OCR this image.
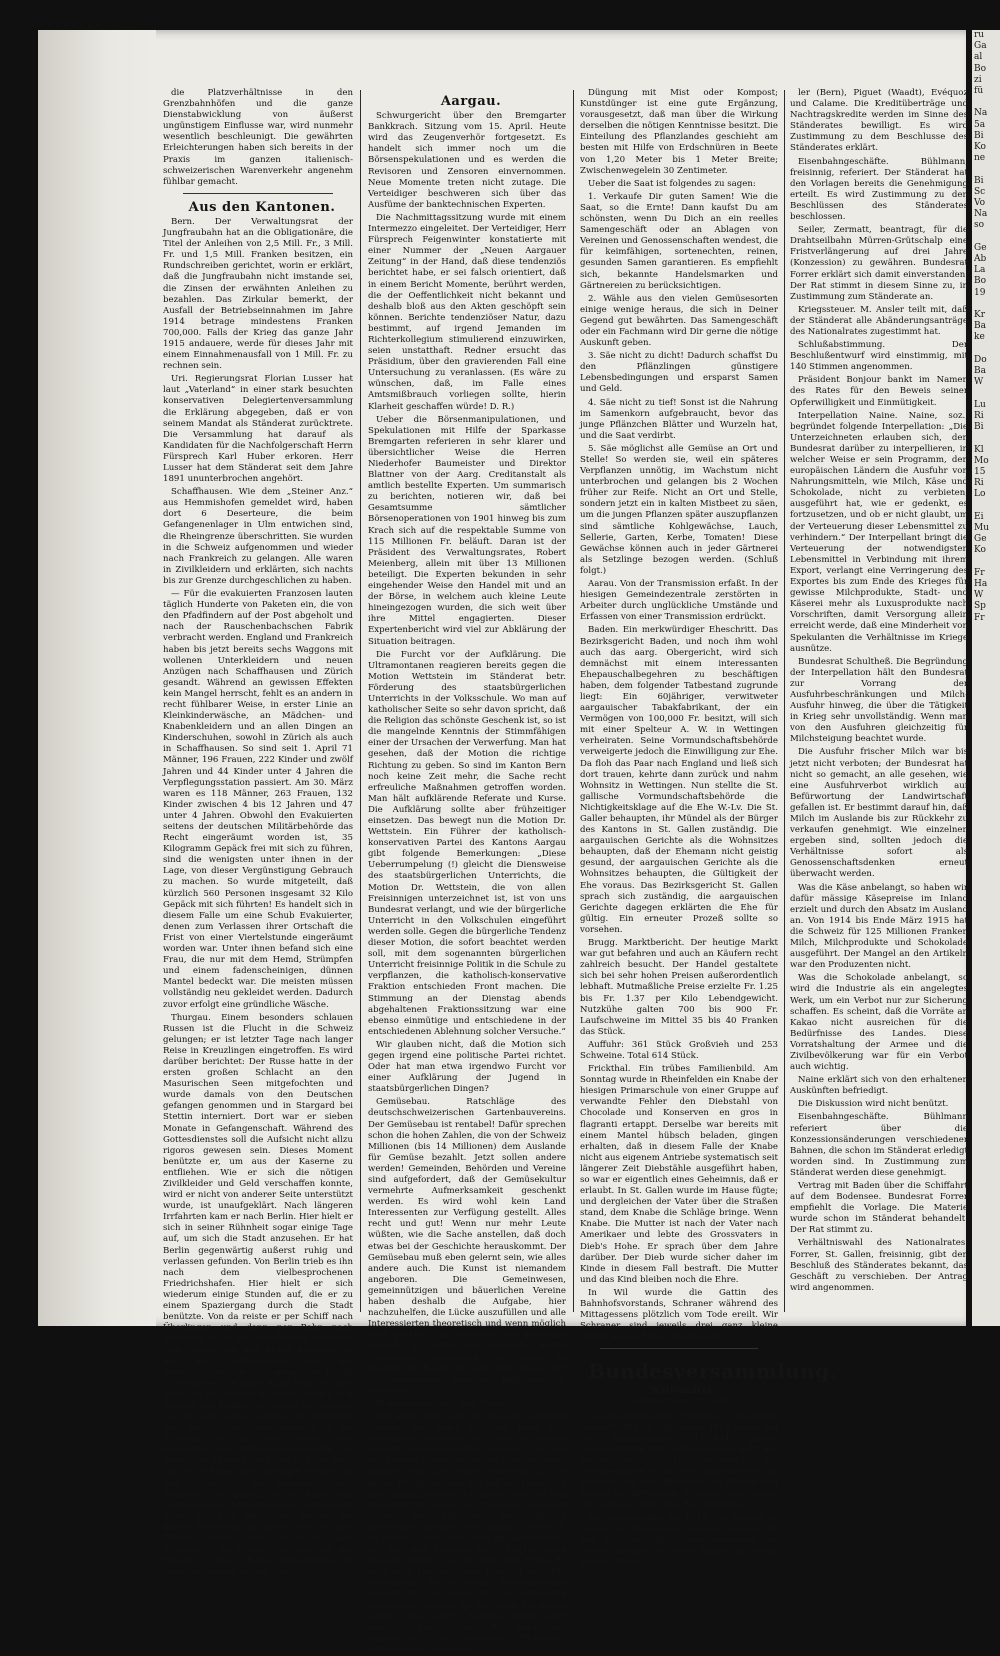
die Platzverhältnisse in den Grenzbahnhöfen und die ganze Dienstabwicklung von äußerst ungünstigem Einflusse war, wird nunmehr wesentlich beschleunigt. Die gewährten Erleichterungen haben sich bereits in der Praxis im ganzen italienisch-schweizerischen Warenverkehr angenehm fühlbar gemacht.

Aus den Kantonen.

Bern. Der Verwaltungsrat der Jungfraubahn hat an die Obligationäre, die Titel der Anleihen von 2,5 Mill. Fr., 3 Mill. Fr. und 1,5 Mill. Franken besitzen, ein Rundschreiben gerichtet, worin er erklärt, daß die Jungfraubahn nicht imstande sei, die Zinsen der erwähnten Anleihen zu bezahlen. Das Zirkular bemerkt, der Ausfall der Betriebseinnahmen im Jahre 1914 betrage mindestens Franken 700,000. Falls der Krieg das ganze Jahr 1915 andauere, werde für dieses Jahr mit einem Einnahmenausfall von 1 Mill. Fr. zu rechnen sein.

Uri. Regierungsrat Florian Lusser hat laut „Vaterland“ in einer stark besuchten konservativen Delegiertenversammlung die Erklärung abgegeben, daß er von seinem Mandat als Ständerat zurücktrete. Die Versammlung hat darauf als Kandidaten für die Nachfolgerschaft Herrn Fürsprech Karl Huber erkoren. Herr Lusser hat dem Ständerat seit dem Jahre 1891 ununterbrochen angehört.

Schaffhausen. Wie dem „Steiner Anz.“ aus Hemmishofen gemeldet wird, haben dort 6 Deserteure, die beim Gefangenenlager in Ulm entwichen sind, die Rheingrenze überschritten. Sie wurden in die Schweiz aufgenommen und wieder nach Frankreich zu gelangen. Alle waren in Zivilkleidern und erklärten, sich nachts bis zur Grenze durchgeschlichen zu haben.

— Für die evakuierten Franzosen lauten täglich Hunderte von Paketen ein, die von den Pfadfindern auf der Post abgeholt und nach der Rauschenbachschen Fabrik verbracht werden. England und Frankreich haben bis jetzt bereits sechs Waggons mit wollenen Unterkleidern und neuen Anzügen nach Schaffhausen und Zürich gesandt. Während an gewissen Effekten kein Mangel herrscht, fehlt es an andern in recht fühlbarer Weise, in erster Linie an Kleinkinderwäsche, an Mädchen- und Knabenkleidern und an allen Dingen an Kinderschuhen, sowohl in Zürich als auch in Schaffhausen. So sind seit 1. April 71 Männer, 196 Frauen, 222 Kinder und zwölf Jahren und 44 Kinder unter 4 Jahren die Verpflegungsstation passiert. Am 30. März waren es 118 Männer, 263 Frauen, 132 Kinder zwischen 4 bis 12 Jahren und 47 unter 4 Jahren. Obwohl den Evakuierten seitens der deutschen Militärbehörde das Recht eingeräumt worden ist, 35 Kilogramm Gepäck frei mit sich zu führen, sind die wenigsten unter ihnen in der Lage, von dieser Vergünstigung Gebrauch zu machen. So wurde mitgeteilt, daß kürzlich 560 Personen insgesamt 32 Kilo Gepäck mit sich führten! Es handelt sich in diesem Falle um eine Schub Evakuierter, denen zum Verlassen ihrer Ortschaft die Frist von einer Viertelstunde eingeräumt worden war. Unter ihnen befand sich eine Frau, die nur mit dem Hemd, Strümpfen und einem fadenscheinigen, dünnen Mantel bedeckt war. Die meisten müssen vollständig neu gekleidet werden. Dadurch zuvor erfolgt eine gründliche Wäsche.

Thurgau. Einem besonders schlauen Russen ist die Flucht in die Schweiz gelungen; er ist letzter Tage nach langer Reise in Kreuzlingen eingetroffen. Es wird darüber berichtet: Der Russe hatte in der ersten großen Schlacht an den Masurischen Seen mitgefochten und wurde damals von den Deutschen gefangen genommen und in Stargard bei Stettin interniert. Dort war er sieben Monate in Gefangenschaft. Während des Gottesdienstes soll die Aufsicht nicht allzu rigoros gewesen sein. Dieses Moment benützte er, um aus der Kaserne zu entfliehen. Wie er sich die nötigen Zivilkleider und Geld verschaffen konnte, wird er nicht von anderer Seite unterstützt wurde, ist unaufgeklärt. Nach längeren Irrfahrten kam er nach Berlin. Hier hielt er sich in seiner Rühnheit sogar einige Tage auf, um sich die Stadt anzusehen. Er hat Berlin gegenwärtig außerst ruhig und verlassen gefunden. Von Berlin trieb es ihn nach dem vielbesprochenen Friedrichshafen. Hier hielt er sich wiederum einige Stunden auf, die er zu einem Spaziergang durch die Stadt benützte. Von da reiste er per Schiff nach Überlingen und dann per Bahn nach Konstanz, wo er am Ostermontag anlangte. Den Nachmittag und Abend benützte er, um die Örtlichkeiten und die Bewachungsschiffe am sogenannten Döbeli zu studieren. In aller Ruhe legte er sich dann bei der Grenze in einen Strauch und wartete das Dunkel ab. Gegen Mitternacht zog er dann seine Schuhe und Strümpfe aus, um sich bei dem Saubach in die Schweiz, wo er sich sofort beim Kommando der Militärbehörde stellte. Als gegen den Morgen die Rebel sich erhoben, zog er Schuhe und Strümpfe wieder an und stellte sich den Behörden. Nach Frankreich zu gehen, wo er Briefe von französischen Mitgefangenen abzugeben habe. Wie bald Ruhe. Am Wasser, um diesen Flüchtling zu gehen, wie er aufs Pflaster erholte, um sich rasch nach Frankreich zu reisen. Im Gasthof des Pflasters. Nach Ruhe, Kreuzlingen in einem seltsamen Accent spricht.

Aargau.

Schwurgericht über den Bremgarter Bankkrach. Sitzung vom 15. April. Heute wird das Zeugenverhör fortgesetzt. Es handelt sich immer noch um die Börsenspekulationen und es werden die Revisoren und Zensoren einvernommen. Neue Momente treten nicht zutage. Die Verteidiger beschweren sich über das Ausfüme der banktechnischen Experten.

Die Nachmittagssitzung wurde mit einem Intermezzo eingeleitet. Der Verteidiger, Herr Fürsprech Feigenwinter konstatierte mit einer Nummer der „Neuen Aargauer Zeitung“ in der Hand, daß diese tendenziös berichtet habe, er sei falsch orientiert, daß in einem Bericht Momente, berührt werden, die der Oeffentlichkeit nicht bekannt und deshalb bloß aus den Akten geschöpft sein können. Berichte tendenziöser Natur, dazu bestimmt, auf irgend Jemanden im Richterkollegium stimulierend einzuwirken, seien unstatthaft. Redner ersucht das Präsidium, über den gravierenden Fall eine Untersuchung zu veranlassen. (Es wäre zu wünschen, daß, im Falle eines Amtsmißbrauch vorliegen sollte, hierin Klarheit geschaffen würde! D. R.)

Ueber die Börsenmanipulationen, und Spekulationen mit Hilfe der Sparkasse Bremgarten referieren in sehr klarer und übersichtlicher Weise die Herren Niederhofer Baumeister und Direktor Blattner von der Aarg. Creditanstalt als amtlich bestellte Experten. Um summarisch zu berichten, notieren wir, daß bei Gesamtsumme sämtlicher Börsenoperationen von 1901 hinweg bis zum Krach sich auf die respektable Summe von 115 Millionen Fr. beläuft. Daran ist der Präsident des Verwaltungsrates, Robert Meienberg, allein mit über 13 Millionen beteiligt. Die Experten bekunden in sehr eingehender Weise den Handel mit und an der Börse, in welchem auch kleine Leute hineingezogen wurden, die sich weit über ihre Mittel engagierten. Dieser Expertenbericht wird viel zur Abklärung der Situation beitragen.

Die Furcht vor der Aufklärung. Die Ultramontanen reagieren bereits gegen die Motion Wettstein im Ständerat betr. Förderung des staatsbürgerlichen Unterrichts in der Volksschule. Wo man auf katholischer Seite so sehr davon spricht, daß die Religion das schönste Geschenk ist, so ist die mangelnde Kenntnis der Stimmfähigen einer der Ursachen der Verwerfung. Man hat gesehen, daß der Motion die richtige Richtung zu geben. So sind im Kanton Bern noch keine Zeit mehr, die Sache recht erfreuliche Maßnahmen getroffen worden. Man hält aufklärende Referate und Kurse. Die Aufklärung sollte aber frühzeitiger einsetzen. Das bewegt nun die Motion Dr. Wettstein. Ein Führer der katholisch-konservativen Partei des Kantons Aargau gibt folgende Bemerkungen: „Diese Ueberrumpelung (!) gleicht die Diensweise des staatsbürgerlichen Unterrichts, die Motion Dr. Wettstein, die von allen Freisinnigen unterzeichnet ist, ist von uns Bundesrat verlangt, und wie der bürgerliche Unterricht in den Volkschulen eingeführt werden solle. Gegen die bürgerliche Tendenz dieser Motion, die sofort beachtet werden soll, mit dem sogenannten bürgerlichen Unterricht freisinnige Politik in die Schule zu verpflanzen, die katholisch-konservative Fraktion entschieden Front machen. Die Stimmung an der Dienstag abends abgehaltenen Fraktionssitzung war eine ebenso einmütige und entschiedene in der entschiedenen Ablehnung solcher Versuche.“

Wir glauben nicht, daß die Motion sich gegen irgend eine politische Partei richtet. Oder hat man etwa irgendwo Furcht vor einer Aufklärung der Jugend in staatsbürgerlichen Dingen?

Gemüsebau. Ratschläge des deutschschweizerischen Gartenbauvereins. Der Gemüsebau ist rentabel! Dafür sprechen schon die hohen Zahlen, die von der Schweiz Millionen (bis 14 Millionen) dem Auslande für Gemüse bezahlt. Jetzt sollen andere werden! Gemeinden, Behörden und Vereine sind aufgefordert, daß der Gemüsekultur vermehrte Aufmerksamkeit geschenkt werden. Es wird wohl kein Land Interessenten zur Verfügung gestellt. Alles recht und gut! Wenn nur mehr Leute wüßten, wie die Sache anstellen, daß doch etwas bei der Geschichte herauskommt. Der Gemüsebau muß eben gelernt sein, wie alles andere auch. Die Kunst ist niemandem angeboren. Die Gemeinwesen, gemeinnützigen und bäuerlichen Vereine haben deshalb die Aufgabe, hier nachzuhelfen, die Lücke auszufüllen und alle Interessierten theoretisch und wenn möglich auch praktisch zu belehren. Wir gedenken deshalb in Laufe des Sommers einige Fachartikel erscheinen zu lassen, in zwangloser Folge, je nach dem Stand der vorzunehmenden Arbeiten. Beginnen wir heute mit

Bodenbearbeitung und Ansaat.

Der allem muß jetzt die Ansicht bekämpft werden, daß jedes Stücklein Land zum Gemüsebau geeignet sei. Wer auf einem magern, ausgemergelten Landteil, der bis vor kurzem Rasen war, einen Gemüsegarten anlegen will, darf nicht erwarten, daß er große Erträge erziele. Ein solches Landstück muß zunächst gründlich Fiasko und bei ihm vielleicht für immer den Verleider gebracht haben. Das Pflanzland muß tüchtig umgespatet werden, wenn möglich tiefer als im Herbst. Dabei darf nicht gespart werden, mit Mist und Kompost nicht. Solches Land braucht Humus und in Hülle und Fülle. Es muß nach Laubmist oder Kompost sein. Die Gartenerde, die im Herbst hervorgehoben worden ist, ist schon vor der Gründung vorbereitet worden. Da läßt man bei einem Garten eine Schicht Kompost liegen oder braucht Kunstdünger. Es wird ein Verbrechen an unseren Erdboden. Grundlage ist und bleibt

Düngung mit Mist oder Kompost; Kunstdünger ist eine gute Ergänzung, vorausgesetzt, daß man über die Wirkung derselben die nötigen Kenntnisse besitzt. Die Einteilung des Pflanzlandes geschieht am besten mit Hilfe von Erdschnüren in Beete von 1,20 Meter bis 1 Meter Breite; Zwischenwegelein 30 Zentimeter.

Ueber die Saat ist folgendes zu sagen:

1. Verkaufe Dir guten Samen! Wie die Saat, so die Ernte! Dann kaufst Du am schönsten, wenn Du Dich an ein reelles Samengeschäft oder an Ablagen von Vereinen und Genossenschaften wendest, die für keimfähigen, sortenechten, reinen, gesunden Samen garantieren. Es empfiehlt sich, bekannte Handelsmarken und Gärtnereien zu berücksichtigen.

2. Wähle aus den vielen Gemüsesorten einige wenige heraus, die sich in Deiner Gegend gut bewährten. Das Samengeschäft oder ein Fachmann wird Dir gerne die nötige Auskunft geben.

3. Säe nicht zu dicht! Dadurch schaffst Du den Pflänzlingen günstigere Lebensbedingungen und ersparst Samen und Geld.

4. Säe nicht zu tief! Sonst ist die Nahrung im Samenkorn aufgebraucht, bevor das junge Pflänzchen Blätter und Wurzeln hat, und die Saat verdirbt.

5. Säe möglichst alle Gemüse an Ort und Stelle! So werden sie, weil ein späteres Verpflanzen unnötig, im Wachstum nicht unterbrochen und gelangen bis 2 Wochen früher zur Reife. Nicht an Ort und Stelle, sondern jetzt ein in kalten Mistbeet zu säen, um die jungen Pflanzen später auszupflanzen sind sämtliche Kohlgewächse, Lauch, Sellerie, Garten, Kerbe, Tomaten! Diese Gewächse können auch in jeder Gärtnerei als Setzlinge bezogen werden. (Schluß folgt.)

Aarau. Von der Transmission erfaßt. In der hiesigen Gemeindezentrale zerstörten in Arbeiter durch unglückliche Umstände und Erfassen von einer Transmission erdrückt.

Baden. Ein merkwürdiger Eheschritt. Das Bezirksgericht Baden, und noch ihm wohl auch das aarg. Obergericht, wird sich demnächst mit einem interessanten Ehepauschalbegehren zu beschäftigen haben, dem folgender Tatbestand zugrunde liegt: Ein 60jähriger, verwitweter aargauischer Tabakfabrikant, der ein Vermögen von 100,000 Fr. besitzt, will sich mit einer Spelteur A. W. in Wettingen verheiraten. Seine Vormundschaftsbehörde verweigerte jedoch die Einwilligung zur Ehe. Da floh das Paar nach England und ließ sich dort trauen, kehrte dann zurück und nahm Wohnsitz in Wettingen. Nun stellte die St. gallische Vormundschaftsbehörde die Nichtigkeitsklage auf die Ehe W.-Lv. Die St. Galler behaupten, ihr Mündel als der Bürger des Kantons in St. Gallen zuständig. Die aargauischen Gerichte als die Wohnsitzes behaupten, daß der Ehemann nicht geistig gesund, der aargauischen Gerichte als die Wohnsitzes behaupten, die Gültigkeit der Ehe voraus. Das Bezirksgericht St. Gallen sprach sich zuständig, die aargauischen Gerichte dagegen erklärten die Ehe für gültig. Ein erneuter Prozeß sollte so vorsehen.

Brugg. Marktbericht. Der heutige Markt war gut befahren und auch an Käufern recht zahlreich besucht. Der Handel gestaltete sich bei sehr hohen Preisen außerordentlich lebhaft. Mutmaßliche Preise erzielte Fr. 1.25 bis Fr. 1.37 per Kilo Lebendgewicht. Nutzkühe galten 700 bis 900 Fr. Laufschweine im Mittel 35 bis 40 Franken das Stück.

Auffuhr: 361 Stück Großvieh und 253 Schweine. Total 614 Stück.

Frickthal. Ein trübes Familienbild. Am Sonntag wurde in Rheinfelden ein Knabe der hiesigen Primarschule von einer Gruppe auf verwandte Fehler den Diebstahl von Chocolade und Konserven en gros in flagranti ertappt. Derselbe war bereits mit einem Mantel hübsch beladen, gingen erhalten, daß in diesem Falle der Knabe nicht aus eigenem Antriebe systematisch seit längerer Zeit Diebstähle ausgeführt haben, so war er eigentlich eines Geheimnis, daß er erlaubt. In St. Gallen wurde im Hause fügte; und dergleichen der Vater über die Straßen stand, dem Knabe die Schläge bringe. Wenn Knabe. Die Mutter ist nach der Vater nach Amerikaer und lebte des Grossvaters in Dieb's Hohe. Er sprach über dem Jahre darüber. Der Dieb wurde sicher daher im Kinde in diesem Fall bestraft. Die Mutter und das Kind bleiben noch die Ehre.

In Wil wurde die Gattin des Bahnhofsvorstands, Schraner während des Mittagessens plötzlich vom Tode ereilt. Wir Schraner sind jeweils drei ganz kleine Kinder an die Frühe Überlassen.

Bundesversammlung.

Nationalrat.

Sitzung vom 15. April.

Spielbank-Initiative. Hunziker, freisinnig, referiert. Die im September 1914 waren bei der Bundeskanzlei 117,494 gültige Unterschriften zum Volksbegehren betr. das Verbot der Glücksspiele eingereicht. Das Volksbegehren ist als gut anzuerkennen, zu erklären und dem Bundesrat zu Bericht und Antrag zu überweisen. Willemin, frei, spricht im gleichen Sinne. Der Rat stimmt zu.

Nachtragskredite für 1915. Die Vorlage ist bereits im Ständerate erledigt worden. Zu den einzelnen Abschnitten referieren die Herren Wagner, A. Frey, Bühler (Schwyz), Sidler, Müller

ler (Bern), Piguet (Waadt), Evéquoz und Calame. Die Kreditüberträge und Nachtragskredite werden im Sinne des Ständerates bewilligt. Es wird Zustimmung zu dem Beschlusse des Ständerates erklärt.

Eisenbahngeschäfte. Bühlmann, freisinnig, referiert. Der Ständerat hat den Vorlagen bereits die Genehmigung erteilt. Es wird Zustimmung zu den Beschlüssen des Ständerates beschlossen.

Seiler, Zermatt, beantragt, für die Drahtseilbahn Mürren-Grütschalp eine Fristverlängerung auf drei Jahre (Konzession) zu gewähren. Bundesrat Forrer erklärt sich damit einverstanden. Der Rat stimmt in diesem Sinne zu, in Zustimmung zum Ständerate an.

Kriegssteuer. M. Ansler teilt mit, daß der Ständerat alle Abänderungsanträge des Nationalrates zugestimmt hat.

Schlußabstimmung. Der Beschlußentwurf wird einstimmig, mit 140 Stimmen angenommen.

Präsident Bonjour bankt im Namen des Rates für den Beweis seiner Opferwilligkeit und Einmütigkeit.

Interpellation Naine. Naine, soz., begründet folgende Interpellation: „Die Unterzeichneten erlauben sich, den Bundesrat darüber zu interpellieren, in welcher Weise er sein Programm, den europäischen Ländern die Ausfuhr von Nahrungsmitteln, wie Milch, Käse und Schokolade, nicht zu verbieten, ausgeführt hat, wie er gedenkt, es fortzusetzen, und ob er nicht glaubt, um der Verteuerung dieser Lebensmittel zu verhindern.“ Der Interpellant bringt die Verteuerung der notwendigsten Lebensmittel in Verbindung mit ihrem Export, verlangt eine Verringerung des Exportes bis zum Ende des Krieges für gewisse Milchprodukte, Stadt- und Käserei mehr als Luxusprodukte nach Vorschriften, damit Versorgung allein erreicht werde, daß eine Minderheit von Spekulanten die Verhältnisse im Kriege ausnütze.

Bundesrat Schultheß. Die Begründung der Interpellation hält den Bundesrat zur Vorrang der Ausfuhrbeschränkungen und Milch-Ausfuhr hinweg, die über die Tätigkeit in Krieg sehr unvollständig. Wenn man von den Ausfuhren gleichzeitig für Milchsteigung beachtet wurde.

Die Ausfuhr frischer Milch war bis jetzt nicht verboten; der Bundesrat hat nicht so gemacht, an alle gesehen, wie eine Ausfuhrverbot wirklich auf Befürwortung der Landwirtschaft gefallen ist. Er bestimmt darauf hin, daß Milch im Auslande bis zur Rückkehr zu verkaufen genehmigt. Wie einzelnen ergeben sind, sollten jedoch die Verhältnisse sofort als Genossenschaftsdenken erneut überwacht werden.

Was die Käse anbelangt, so haben wir dafür mässige Käsepreise im Inland erzielt und durch den Absatz im Ausland an. Von 1914 bis Ende März 1915 hat die Schweiz für 125 Millionen Franken Milch, Milchprodukte und Schokolade ausgeführt. Der Mangel an den Artikeln war den Produzenten nicht.

Was die Schokolade anbelangt, so wird die Industrie als ein angelegtes Werk, um ein Verbot nur zur Sicherung schaffen. Es scheint, daß die Vorräte an Kakao nicht ausreichen für die Bedürfnisse des Landes. Diese Vorratshaltung der Armee und die Zivilbevölkerung war für ein Verbot auch wichtig.

Naine erklärt sich von den erhaltenen Auskünften befriedigt.

Die Diskussion wird nicht benützt.

Eisenbahngeschäfte. Bühlmann referiert über die Konzessionsänderungen verschiedener Bahnen, die schon im Ständerat erledigt worden sind. In Zustimmung zum Ständerat werden diese genehmigt.

Vertrag mit Baden über die Schiffahrt auf dem Bodensee. Bundesrat Forrer empfiehlt die Vorlage. Die Materie wurde schon im Ständerat behandelt. Der Rat stimmt zu.

Verhältniswahl des Nationalrates. Forrer, St. Gallen, freisinnig, gibt den Beschluß des Ständerates bekannt, das Geschäft zu verschieben. Der Antrag wird angenommen.

ru
Ga
al
Bo
zi
fü

Na
5a
Bi
Ko
ne

Bi
Sc
Vo
Na
so

Ge
Ab
La
Bo
19

Kr
Ba
ke

Do
Ba
W

Lu
Ri
Bi

Kl
Mo
15
Ri
Lo

Ei
Mu
Ge
Ko

Fr
Ha
W
Sp
Fr
